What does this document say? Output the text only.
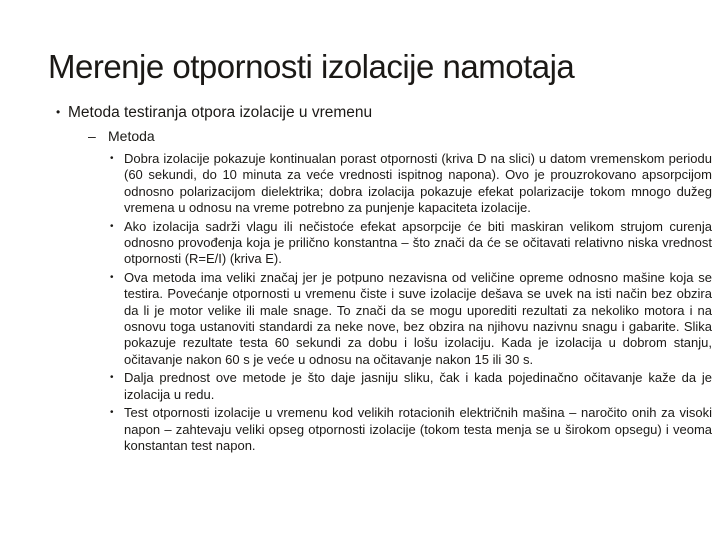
Merenje otpornosti izolacije namotaja
• Metoda testiranja otpora izolacije u vremenu
– Metoda
• Dobra izolacije pokazuje kontinualan porast otpornosti (kriva D na slici) u datom vremenskom periodu (60 sekundi, do 10 minuta za veće vrednosti ispitnog napona). Ovo je prouzrokovano apsorpcijom odnosno polarizacijom dielektrika; dobra izolacija pokazuje efekat polarizacije tokom mnogo dužeg vremena u odnosu na vreme potrebno za punjenje kapaciteta izolacije.
• Ako izolacija sadrži vlagu ili nečistoće efekat apsorpcije će biti maskiran velikom strujom curenja odnosno provođenja koja je prilično konstantna – što znači da će se očitavati relativno niska vrednost otpornosti (R=E/I) (kriva E).
• Ova metoda ima veliki značaj jer je potpuno nezavisna od veličine opreme odnosno mašine koja se testira. Povećanje otpornosti u vremenu čiste i suve izolacije dešava se uvek na isti način bez obzira da li je motor velike ili male snage. To znači da se mogu uporediti rezultati za nekoliko motora i na osnovu toga ustanoviti standardi za neke nove, bez obzira na njihovu nazivnu snagu i gabarite. Slika pokazuje rezultate testa 60 sekundi za dobu i lošu izolaciju. Kada je izolacija u dobrom stanju, očitavanje nakon 60 s je veće u odnosu na očitavanje nakon 15 ili 30 s.
• Dalja prednost ove metode je što daje jasniju sliku, čak i kada pojedinačno očitavanje kaže da je izolacija u redu.
• Test otpornosti izolacije u vremenu kod velikih rotacionih električnih mašina – naročito onih za visoki napon – zahtevaju veliki opseg otpornosti izolacije (tokom testa menja se u širokom opsegu) i veoma konstantan test napon.
